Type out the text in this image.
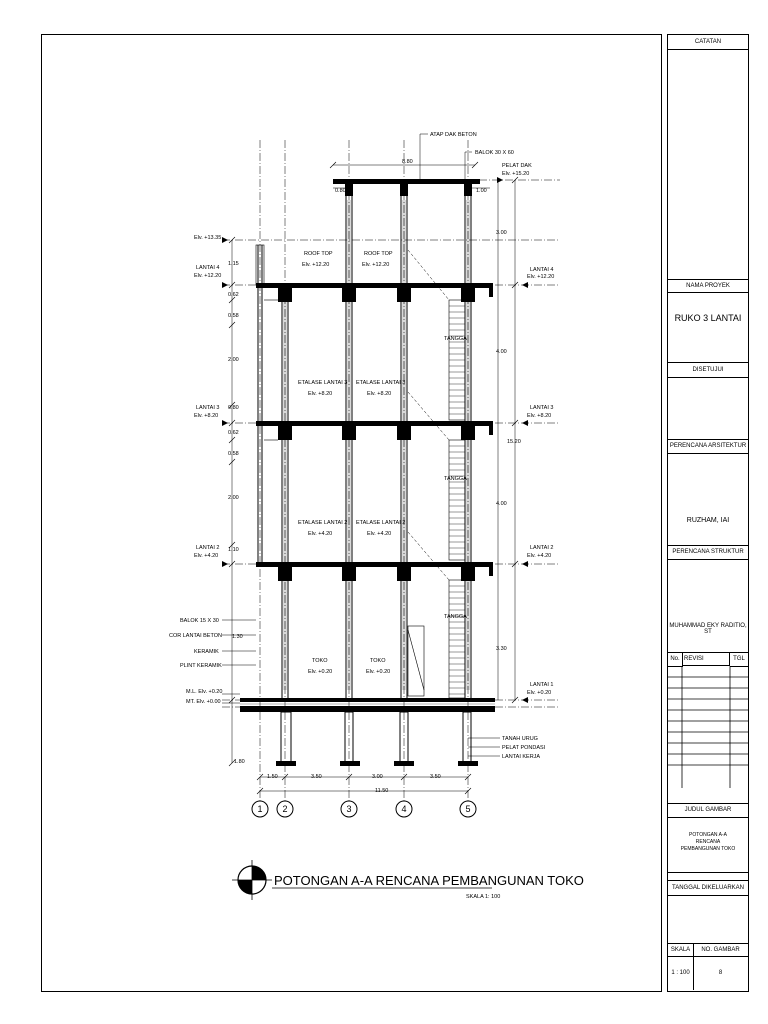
CATATAN
NAMA PROYEK
RUKO 3 LANTAI
DISETUJUI
PERENCANA ARSITEKTUR
RUZHAM, IAI
PERENCANA STRUKTUR
MUHAMMAD EKY RADITIO, ST
No. REVISI	TGL
JUDUL GAMBAR
POTONGAN A-A RENCANA PEMBANGUNAN TOKO
TANGGAL DIKELUARKAN
SKALA	NO. GAMBAR
1 : 100	8
ATAP DAK BETON
BALOK 30 X 60
PELAT DAK
Elv. +15.20
8.80
0.80	1.00
Elv. +13.35
LANTAI 4
Elv. +12.20
LANTAI 3
Elv. +8.20
LANTAI 2
Elv. +4.20
1.15
0.62
0.58
2.00
0.80
0.62
0.58
2.00
1.10
1.30
1.80
LANTAI 4
Elv. +12.20
LANTAI 3
Elv. +8.20
LANTAI 2
Elv. +4.20
LANTAI 1
Elv. +0.20
3.00
4.00
4.00
3.30
15.20
ROOF TOP
Elv. +12.20
ROOF TOP
Elv. +12.20
ETALASE LANTAI 3
Elv. +8.20
ETALASE LANTAI 3
Elv. +8.20
ETALASE LANTAI 2
Elv. +4.20
ETALASE LANTAI 2
Elv. +4.20
TOKO
Elv. +0.20
TOKO
Elv. +0.20
TANGGA
TANGGA
TANGGA
BALOK 15 X 30
COR LANTAI BETON
KERAMIK
PLINT KERAMIK
M.L. Elv. +0.20
MT. Elv. +0.00
TANAH URUG
PELAT PONDASI
LANTAI KERJA
1.50	3.50	3.00	3.50
11.50
1 2	3	4	5
POTONGAN A-A RENCANA PEMBANGUNAN TOKO
SKALA 1: 100
